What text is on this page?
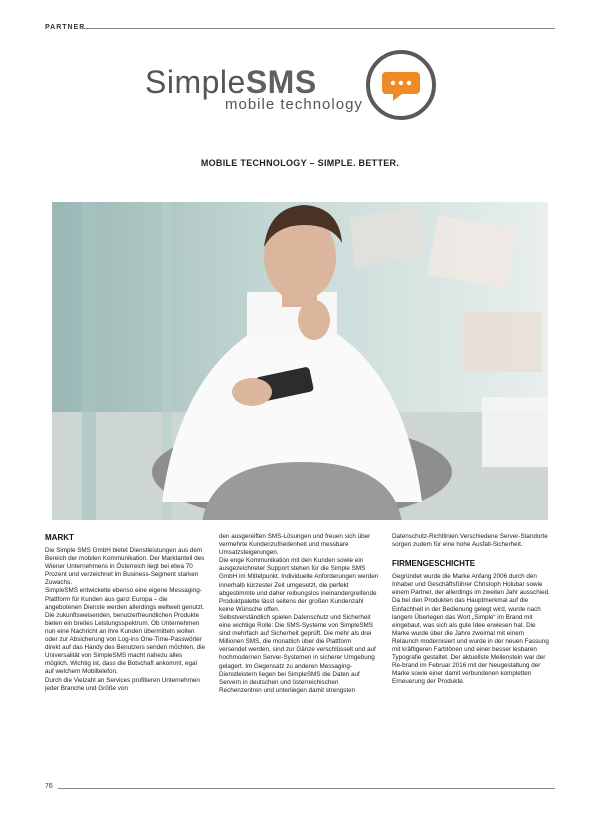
PARTNER
SimpleSMS
mobile technology
MOBILE TECHNOLOGY – SIMPLE. BETTER.
MARKT

Die Simple SMS GmbH bietet Dienstleistungen aus dem Bereich der mobilen Kommunikation. Der Marktanteil des Wiener Unternehmens in Österreich liegt bei etwa 70 Prozent und verzeichnet im Business-Segment starken Zuwachs.

SimpleSMS entwickelte ebenso eine eigene Messaging-Plattform für Kunden aus ganz Europa – die angebotenen Dienste werden allerdings weltweit genutzt.

Die zukunftsweisenden, benutzerfreundlichen Produkte bieten ein breites Leistungsspektrum. Ob Unternehmen nun eine Nachricht an ihre Kunden übermitteln wollen oder zur Absicherung von Log-ins One-Time-Passwörter direkt auf das Handy des Benutzers senden möchten, die Universalität von SimpleSMS macht nahezu alles möglich. Wichtig ist, dass die Botschaft ankommt, egal auf welchem Mobiltelefon.

Durch die Vielzahl an Services profitieren Unternehmen jeder Branche und Größe von

den ausgereiften SMS-Lösungen und freuen sich über vermehrte Kundenzufriedenheit und messbare Umsatzsteigerungen.

Die enge Kommunikation mit den Kunden sowie ein ausgezeichneter Support stehen für die Simple SMS GmbH im Mittelpunkt. Individuelle Anforderungen werden innerhalb kürzester Zeit umgesetzt, die perfekt abgestimmte und daher reibungslos ineinandergreifende Produktpalette lässt seitens der großen Kundenzahl keine Wünsche offen.

Selbstverständlich spielen Datenschutz und Sicherheit eine wichtige Rolle: Die SMS-Systeme von SimpleSMS sind mehrfach auf Sicherheit geprüft. Die mehr als drei Millionen SMS, die monatlich über die Plattform versendet werden, sind zur Gänze verschlüsselt und auf hochmodernen Server-Systemen in sicherer Umgebung gelagert. Im Gegensatz zu anderen Messaging-Dienstleistern liegen bei SimpleSMS die Daten auf Servern in deutschen und österreichischen Rechenzentren und unterliegen damit strengsten

Datenschutz-Richtlinien.Verschiedene Server-Standorte sorgen zudem für eine hohe Ausfall-Sicherheit.

FIRMENGESCHICHTE

Gegründet wurde die Marke Anfang 2006 durch den Inhaber und Geschäftsführer Christoph Holubar sowie einem Partner, der allerdings im zweiten Jahr ausschied.

Da bei den Produkten das Hauptmerkmal auf die Einfachheit in der Bedienung gelegt wird, wurde nach langem Überlegen das Wort „Simple“ im Brand mit eingebaut, was sich als gute Idee erwiesen hat. Die Marke wurde über die Jahre zweimal mit einem Relaunch modernisiert und wurde in der neuen Fassung mit kräftigeren Farbtönen und einer besser lesbaren Typografie gestaltet. Der aktuellste Meilenstein war der Re-brand im Februar 2016 mit der Neugestaltung der Marke sowie einer damit verbundenen kompletten Erneuerung der Produkte.

76
